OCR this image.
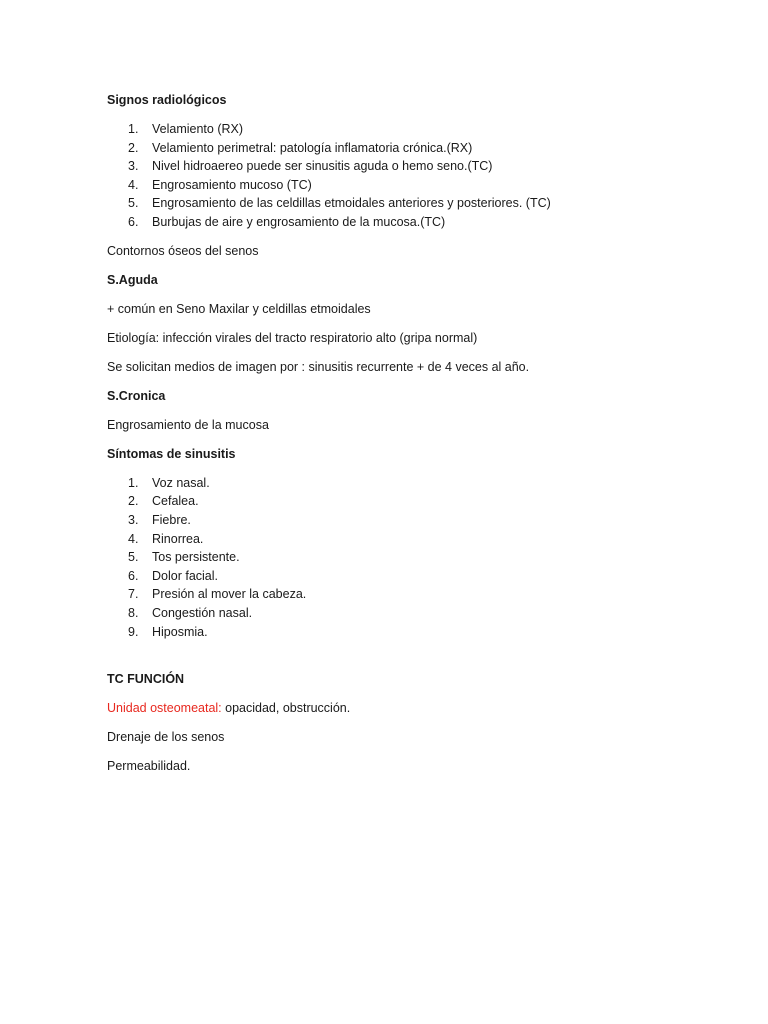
Signos radiológicos
1.	Velamiento (RX)
2.	Velamiento perimetral: patología inflamatoria crónica.(RX)
3.	Nivel hidroaereo puede ser sinusitis aguda o hemo seno.(TC)
4.	Engrosamiento mucoso (TC)
5.	Engrosamiento de las celdillas etmoidales anteriores y posteriores. (TC)
6.	Burbujas de aire y engrosamiento de la mucosa.(TC)
Contornos óseos del senos
S.Aguda
+ común en Seno Maxilar y celdillas etmoidales
Etiología: infección virales del tracto respiratorio alto (gripa normal)
Se solicitan medios de imagen por : sinusitis recurrente + de 4 veces al año.
S.Cronica
Engrosamiento de la mucosa
Síntomas de sinusitis
1.	Voz nasal.
2.	Cefalea.
3.	Fiebre.
4.	Rinorrea.
5.	Tos persistente.
6.	Dolor facial.
7.	Presión al mover la cabeza.
8.	Congestión nasal.
9.	Hiposmia.
TC FUNCIÓN
Unidad osteomeatal: opacidad, obstrucción.
Drenaje de los senos
Permeabilidad.
